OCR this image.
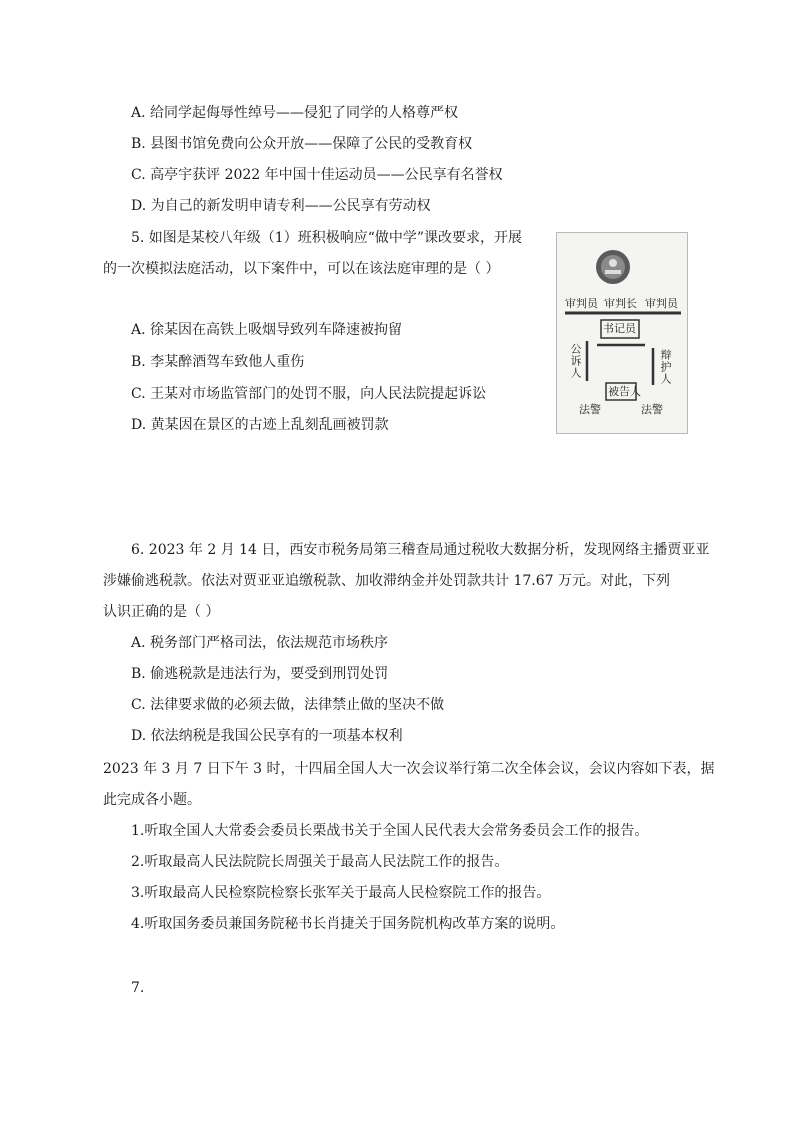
A. 给同学起侮辱性绰号——侵犯了同学的人格尊严权
B. 县图书馆免费向公众开放——保障了公民的受教育权
C. 高亭宇获评 2022 年中国十佳运动员——公民享有名誉权
D. 为自己的新发明申请专利——公民享有劳动权
5. 如图是某校八年级（1）班积极响应“做中学”课改要求，开展
的一次模拟法庭活动，以下案件中，可以在该法庭审理的是（ ）
A. 徐某因在高铁上吸烟导致列车降速被拘留
B. 李某醉酒驾车致他人重伤
C. 王某对市场监管部门的处罚不服，向人民法院提起诉讼
D. 黄某因在景区的古迹上乱刻乱画被罚款
审判员 审判长 审判员
书记员
公诉人	辩护人
被告人
法警	法警
6. 2023 年 2 月 14 日，西安市税务局第三稽查局通过税收大数据分析，发现网络主播贾亚亚
涉嫌偷逃税款。依法对贾亚亚追缴税款、加收滞纳金并处罚款共计 17.67 万元。对此，下列
认识正确的是（ ）
A. 税务部门严格司法，依法规范市场秩序
B. 偷逃税款是违法行为，要受到刑罚处罚
C. 法律要求做的必须去做，法律禁止做的坚决不做
D. 依法纳税是我国公民享有的一项基本权利
2023 年 3 月 7 日下午 3 时，十四届全国人大一次会议举行第二次全体会议，会议内容如下表，据
此完成各小题。
1.听取全国人大常委会委员长栗战书关于全国人民代表大会常务委员会工作的报告。
2.听取最高人民法院院长周强关于最高人民法院工作的报告。
3.听取最高人民检察院检察长张军关于最高人民检察院工作的报告。
4.听取国务委员兼国务院秘书长肖捷关于国务院机构改革方案的说明。
7.
